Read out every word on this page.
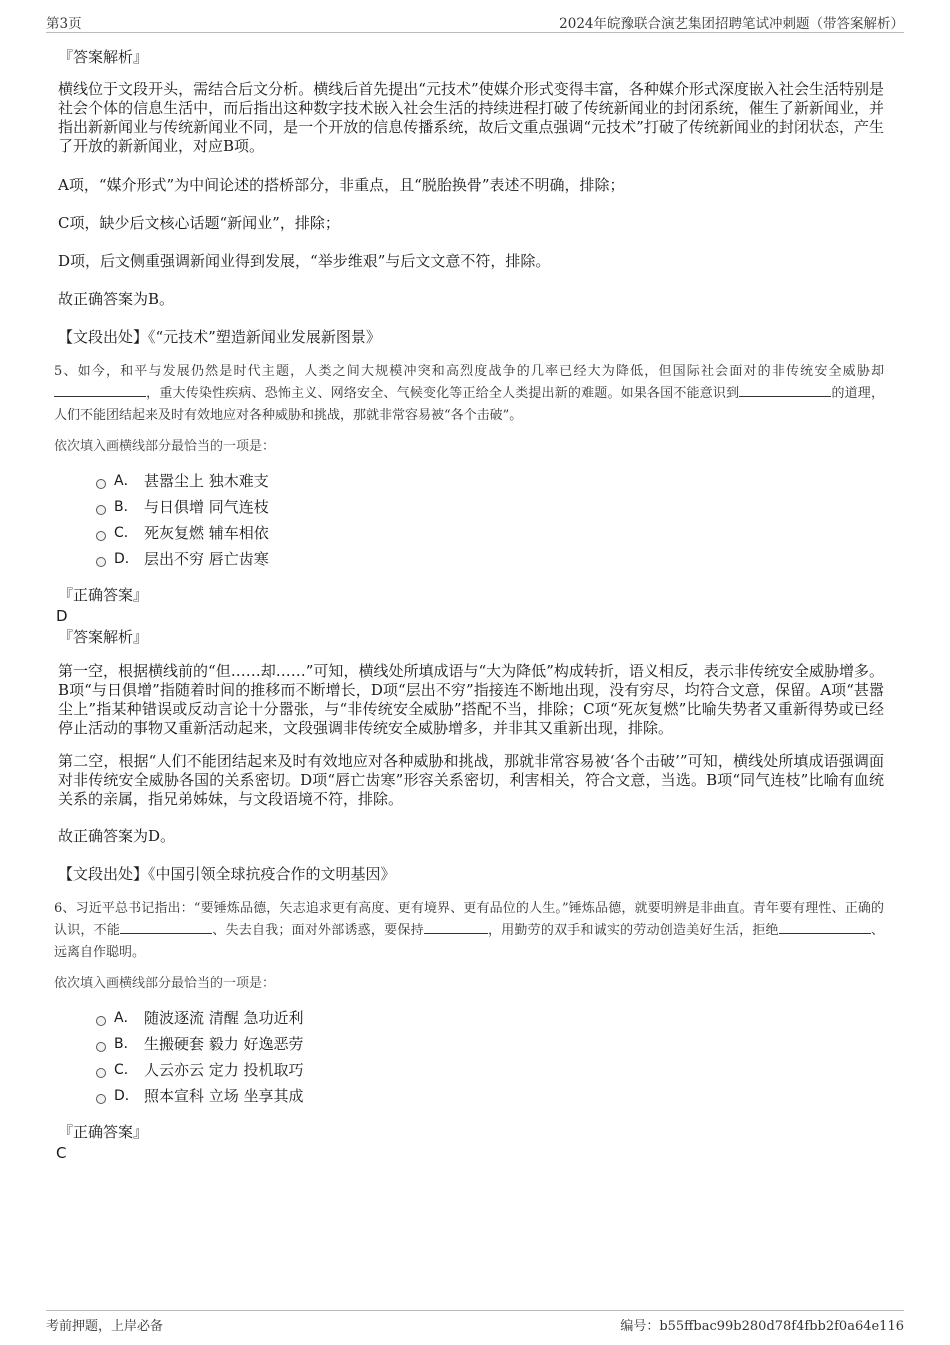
第3页	2024年皖豫联合演艺集团招聘笔试冲刺题（带答案解析）
『答案解析』

横线位于文段开头，需结合后文分析。横线后首先提出“元技术”使媒介形式变得丰富，各种媒介形式深度嵌入社会生活特别是社会个体的信息生活中，而后指出这种数字技术嵌入社会生活的持续进程打破了传统新闻业的封闭系统，催生了新新闻业，并指出新新闻业与传统新闻业不同，是一个开放的信息传播系统，故后文重点强调“元技术”打破了传统新闻业的封闭状态，产生了开放的新新闻业，对应B项。

A项，“媒介形式”为中间论述的搭桥部分，非重点，且“脱胎换骨”表述不明确，排除；

C项，缺少后文核心话题“新闻业”，排除；

D项，后文侧重强调新闻业得到发展，“举步维艰”与后文文意不符，排除。

故正确答案为B。

【文段出处】《“元技术”塑造新闻业发展新图景》
5、如今，和平与发展仍然是时代主题，人类之间大规模冲突和高烈度战争的几率已经大为降低，但国际社会面对的非传统安全威胁却，重大传染性疾病、恐怖主义、网络安全、气候变化等正给全人类提出新的难题。如果各国不能意识到	的道理，人们不能团结起来及时有效地应对各种威胁和挑战，那就非常容易被“各个击破”。
依次填入画横线部分最恰当的一项是：
A． 甚嚣尘上 独木难支
B． 与日俱增 同气连枝
C． 死灰复燃 辅车相依
D． 层出不穷 唇亡齿寒
『正确答案』
D
『答案解析』

第一空，根据横线前的“但……却……”可知，横线处所填成语与“大为降低”构成转折，语义相反，表示非传统安全威胁增多。B项“与日俱增”指随着时间的推移而不断增长，D项“层出不穷”指接连不断地出现，没有穷尽，均符合文意，保留。A项“甚嚣尘上”指某种错误或反动言论十分嚣张，与“非传统安全威胁”搭配不当，排除；C项“死灰复燃”比喻失势者又重新得势或已经停止活动的事物又重新活动起来，文段强调非传统安全威胁增多，并非其又重新出现，排除。

第二空，根据“人们不能团结起来及时有效地应对各种威胁和挑战，那就非常容易被‘各个击破’”可知，横线处所填成语强调面对非传统安全威胁各国的关系密切。D项“唇亡齿寒”形容关系密切，利害相关，符合文意，当选。B项“同气连枝”比喻有血统关系的亲属，指兄弟姊妹，与文段语境不符，排除。

故正确答案为D。

【文段出处】《中国引领全球抗疫合作的文明基因》
6、习近平总书记指出：“要锤炼品德，矢志追求更有高度、更有境界、更有品位的人生。”锤炼品德，就要明辨是非曲直。青年要有理性、正确的认识，不能	、失去自我；面对外部诱惑，要保持	，用勤劳的双手和诚实的劳动创造美好生活，拒绝	、远离自作聪明。
依次填入画横线部分最恰当的一项是：
A． 随波逐流 清醒 急功近利
B． 生搬硬套 毅力 好逸恶劳
C． 人云亦云 定力 投机取巧
D． 照本宣科 立场 坐享其成
『正确答案』
C
考前押题，上岸必备	编号：b55ffbac99b280d78f4fbb2f0a64e116
